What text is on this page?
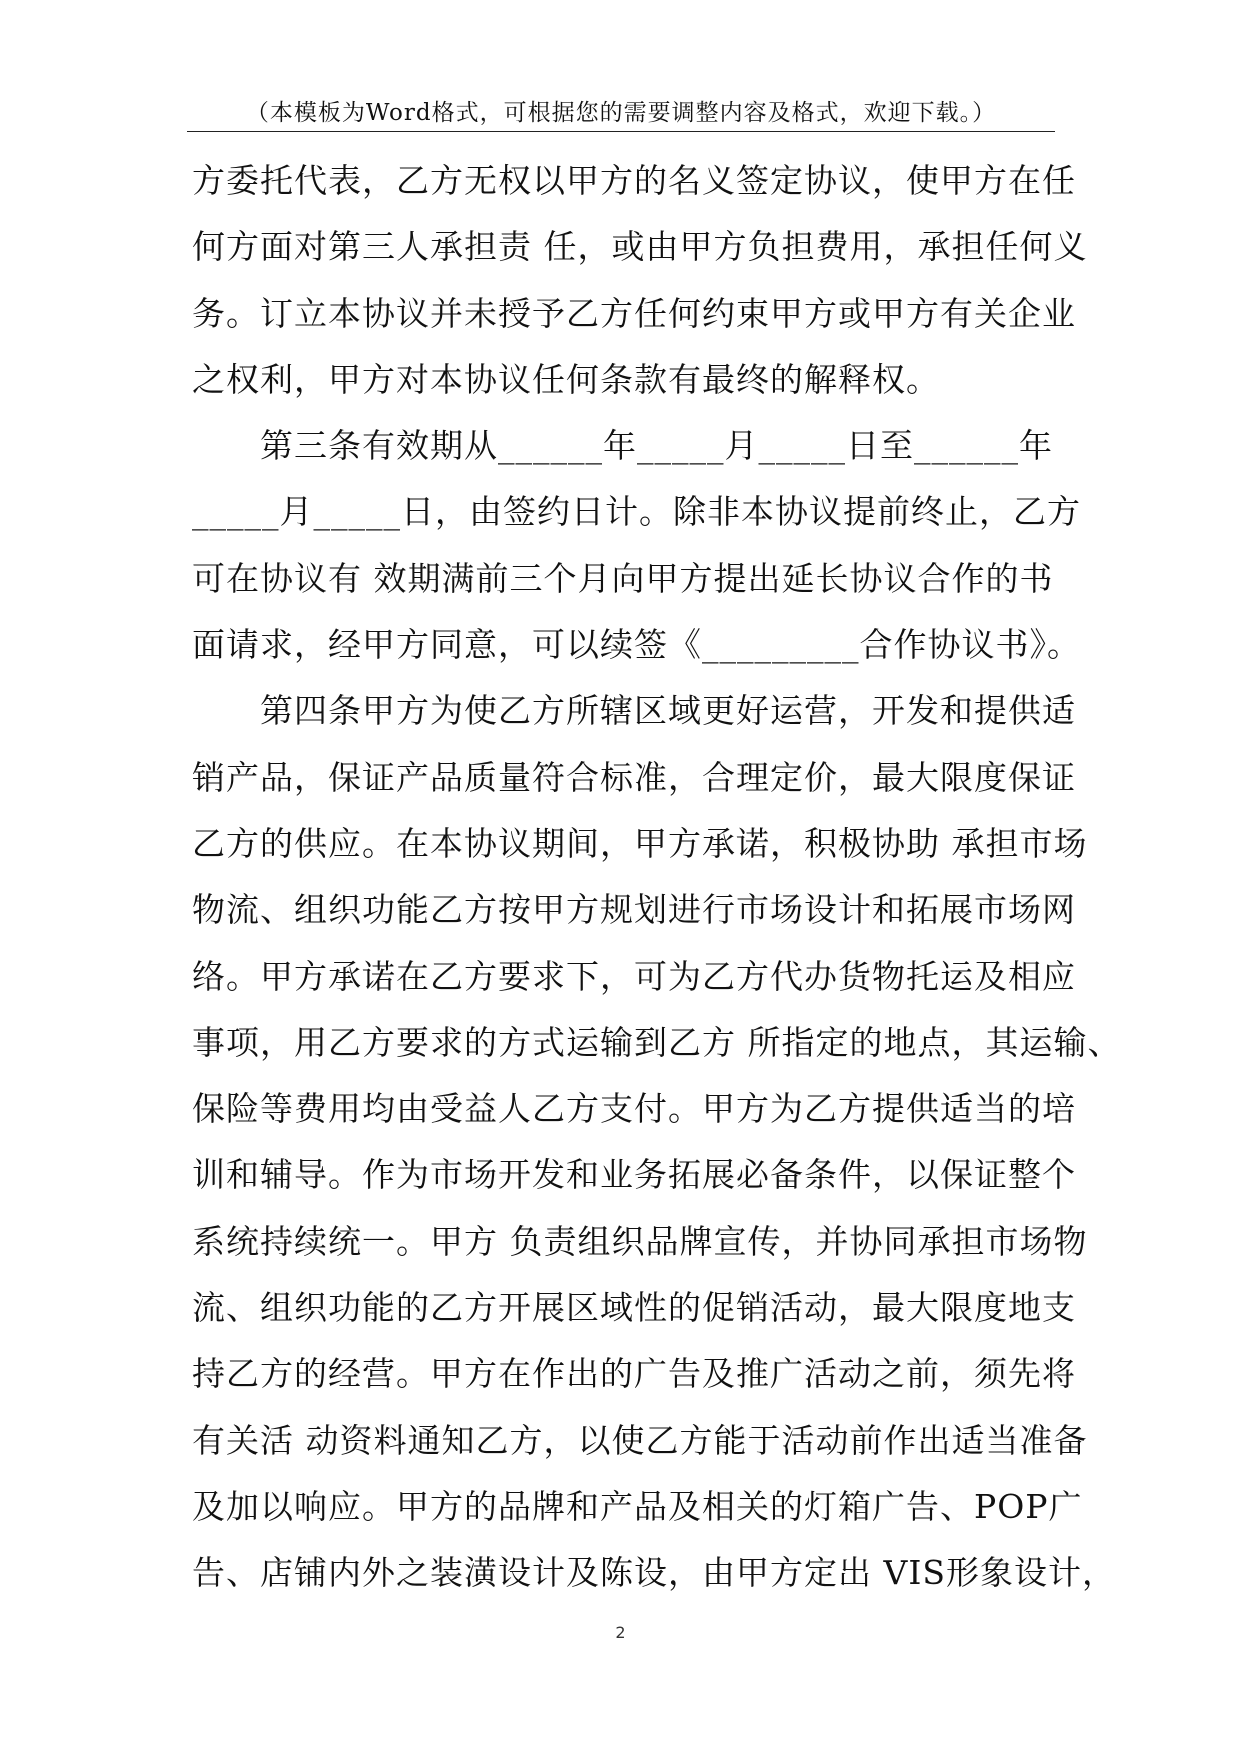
（本模板为Word格式，可根据您的需要调整内容及格式，欢迎下载。）
方委托代表，乙方无权以甲方的名义签定协议，使甲方在任
何方面对第三人承担责 任，或由甲方负担费用，承担任何义
务。订立本协议并未授予乙方任何约束甲方或甲方有关企业
之权利，甲方对本协议任何条款有最终的解释权。
　　第三条有效期从______年_____月_____日至______年
_____月_____日，由签约日计。除非本协议提前终止，乙方
可在协议有 效期满前三个月向甲方提出延长协议合作的书
面请求，经甲方同意，可以续签《_________合作协议书》。
　　第四条甲方为使乙方所辖区域更好运营，开发和提供适
销产品，保证产品质量符合标准，合理定价，最大限度保证
乙方的供应。在本协议期间，甲方承诺，积极协助 承担市场
物流、组织功能乙方按甲方规划进行市场设计和拓展市场网
络。甲方承诺在乙方要求下，可为乙方代办货物托运及相应
事项，用乙方要求的方式运输到乙方 所指定的地点，其运输、
保险等费用均由受益人乙方支付。甲方为乙方提供适当的培
训和辅导。作为市场开发和业务拓展必备条件，以保证整个
系统持续统一。甲方 负责组织品牌宣传，并协同承担市场物
流、组织功能的乙方开展区域性的促销活动，最大限度地支
持乙方的经营。甲方在作出的广告及推广活动之前，须先将
有关活 动资料通知乙方，以使乙方能于活动前作出适当准备
及加以响应。甲方的品牌和产品及相关的灯箱广告、POP广
告、店铺内外之装潢设计及陈设，由甲方定出 VIS形象设计，
2
